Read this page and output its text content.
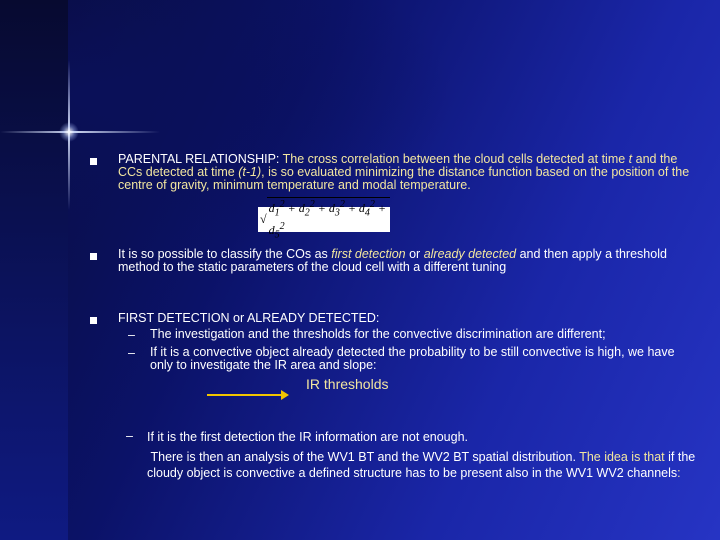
PARENTAL RELATIONSHIP: The cross correlation between the cloud cells detected at time t and the CCs detected at time (t-1), is so evaluated minimizing the distance function based on the position of the centre of gravity, minimum temperature and modal temperature.
√
$d_1^2 + d_2^2 + d_3^2 + d_4^2 + d_5^2$
It is so possible to classify the COs as first detection or already detected and then apply a threshold method to the static parameters of the cloud cell with a different tuning
FIRST DETECTION or ALREADY DETECTED:
– The investigation and the thresholds for the convective discrimination are different;
– If it is a convective object already detected the probability to be still convective is high, we have only to investigate the IR area and slope:
IR thresholds
– If it is the first detection the IR information are not enough.
There is then an analysis of the WV1 BT and the WV2 BT spatial distribution. The idea is that if the cloudy object is convective a defined structure has to be present also in the WV1 WV2 channels:
